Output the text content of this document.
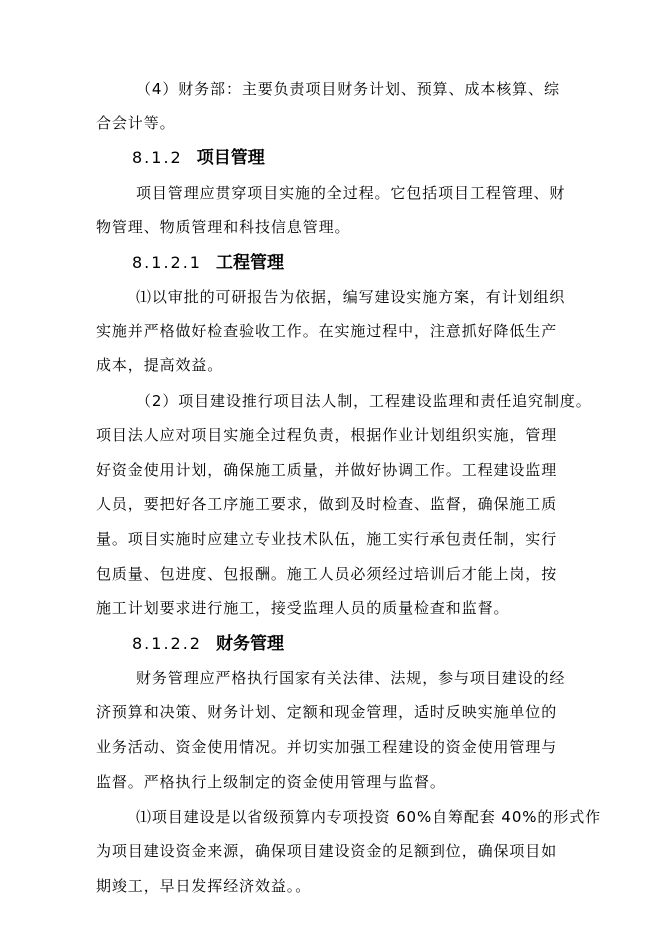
（4）财务部：主要负责项目财务计划、预算、成本核算、综
合会计等。
8.1.2 项目管理
项目管理应贯穿项目实施的全过程。它包括项目工程管理、财
物管理、物质管理和科技信息管理。
8.1.2.1 工程管理
⑴以审批的可研报告为依据，编写建设实施方案，有计划组织
实施并严格做好检查验收工作。在实施过程中，注意抓好降低生产
成本，提高效益。
（2）项目建设推行项目法人制，工程建设监理和责任追究制度。
项目法人应对项目实施全过程负责，根据作业计划组织实施，管理
好资金使用计划，确保施工质量，并做好协调工作。工程建设监理
人员，要把好各工序施工要求，做到及时检查、监督，确保施工质
量。项目实施时应建立专业技术队伍，施工实行承包责任制，实行
包质量、包进度、包报酬。施工人员必须经过培训后才能上岗，按
施工计划要求进行施工，接受监理人员的质量检查和监督。
8.1.2.2 财务管理
财务管理应严格执行国家有关法律、法规，参与项目建设的经
济预算和决策、财务计划、定额和现金管理，适时反映实施单位的
业务活动、资金使用情况。并切实加强工程建设的资金使用管理与
监督。严格执行上级制定的资金使用管理与监督。
⑴项目建设是以省级预算内专项投资 60%自筹配套 40%的形式作
为项目建设资金来源，确保项目建设资金的足额到位，确保项目如
期竣工，早日发挥经济效益。。
